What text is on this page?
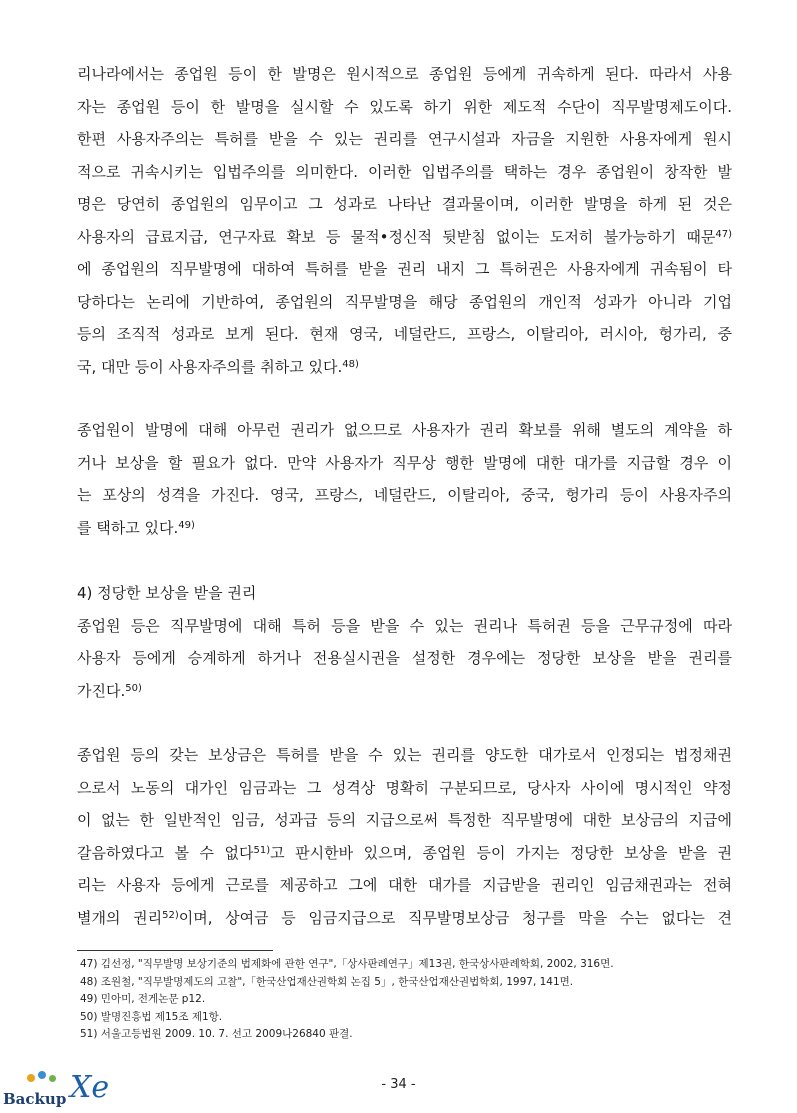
리나라에서는 종업원 등이 한 발명은 원시적으로 종업원 등에게 귀속하게 된다. 따라서 사용

자는 종업원 등이 한 발명을 실시할 수 있도록 하기 위한 제도적 수단이 직무발명제도이다.

한편 사용자주의는 특허를 받을 수 있는 권리를 연구시설과 자금을 지원한 사용자에게 원시

적으로 귀속시키는 입법주의를 의미한다. 이러한 입법주의를 택하는 경우 종업원이 창작한 발

명은 당연히 종업원의 임무이고 그 성과로 나타난 결과물이며, 이러한 발명을 하게 된 것은

사용자의 급료지급, 연구자료 확보 등 물적•정신적 뒷받침 없이는 도저히 불가능하기 때문$^{47)}$

에 종업원의 직무발명에 대하여 특허를 받을 권리 내지 그 특허권은 사용자에게 귀속됨이 타

당하다는 논리에 기반하여, 종업원의 직무발명을 해당 종업원의 개인적 성과가 아니라 기업

등의 조직적 성과로 보게 된다. 현재 영국, 네덜란드, 프랑스, 이탈리아, 러시아, 헝가리, 중

국, 대만 등이 사용자주의를 취하고 있다.$^{48)}$

종업원이 발명에 대해 아무런 권리가 없으므로 사용자가 권리 확보를 위해 별도의 계약을 하

거나 보상을 할 필요가 없다. 만약 사용자가 직무상 행한 발명에 대한 대가를 지급할 경우 이

는 포상의 성격을 가진다. 영국, 프랑스, 네덜란드, 이탈리아, 중국, 헝가리 등이 사용자주의

를 택하고 있다.$^{49)}$

4) 정당한 보상을 받을 권리

종업원 등은 직무발명에 대해 특허 등을 받을 수 있는 권리나 특허권 등을 근무규정에 따라

사용자 등에게 승계하게 하거나 전용실시권을 설정한 경우에는 정당한 보상을 받을 권리를

가진다.$^{50)}$

종업원 등의 갖는 보상금은 특허를 받을 수 있는 권리를 양도한 대가로서 인정되는 법정채권

으로서 노동의 대가인 임금과는 그 성격상 명확히 구분되므로, 당사자 사이에 명시적인 약정

이 없는 한 일반적인 임금, 성과급 등의 지급으로써 특정한 직무발명에 대한 보상금의 지급에

갈음하였다고 볼 수 없다$^{51)}$고 판시한바 있으며, 종업원 등이 가지는 정당한 보상을 받을 권

리는 사용자 등에게 근로를 제공하고 그에 대한 대가를 지급받을 권리인 임금채권과는 전혀

별개의 권리$^{52)}$이며, 상여금 등 임금지급으로 직무발명보상금 청구를 막을 수는 없다는 견

47) 김선정, "직무발명 보상기준의 법제화에 관한 연구",「상사판례연구」제13권, 한국상사판례학회, 2002, 316면.

48) 조원철, "직무발명제도의 고찰",「한국산업재산권학회 논집 5」, 한국산업재산권법학회, 1997, 141면.

49) 민아미, 전게논문 p12.

50) 발명진흥법 제15조 제1항.

51) 서울고등법원 2009. 10. 7. 선고 2009나26840 판결.

- 34 -
Backup Xe
